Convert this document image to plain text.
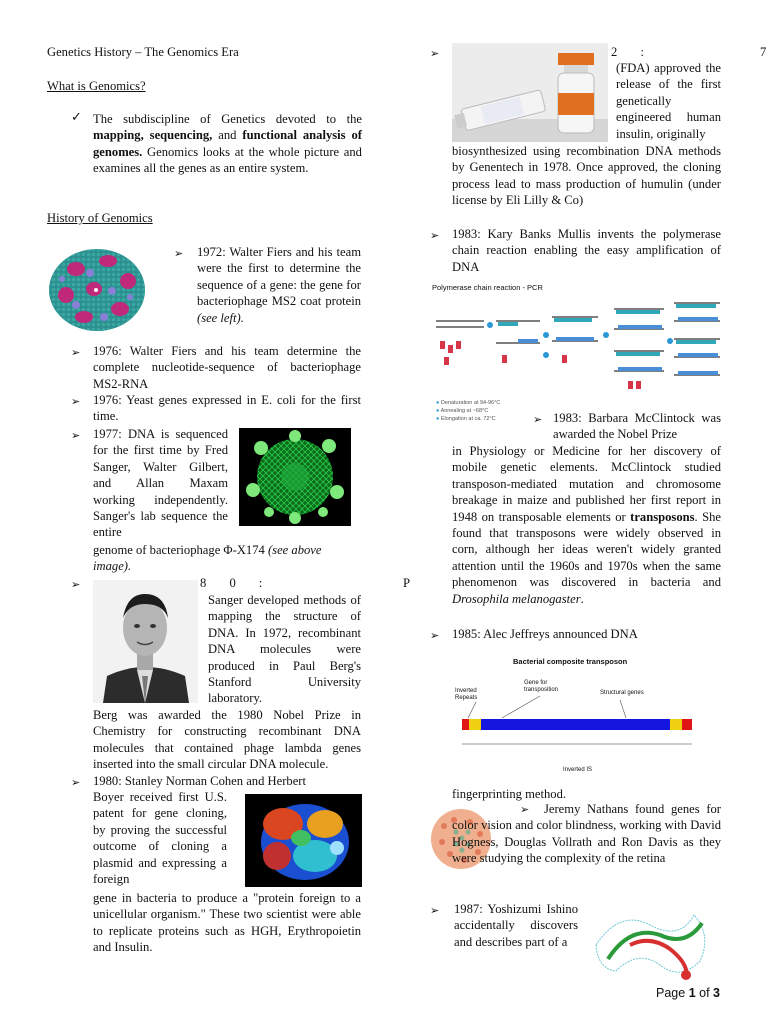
Genetics History – The Genomics Era
What is Genomics?
✓ The subdiscipline of Genetics devoted to the mapping, sequencing, and functional analysis of genomes. Genomics looks at the whole picture and examines all the genes as an entire system.
History of Genomics
➢ 1972: Walter Fiers and his team were the first to determine the sequence of a gene: the gene for bacteriophage MS2 coat protein (see left).
➢ 1976: Walter Fiers and his team determine the complete nucleotide-sequence of bacteriophage MS2-RNA
➢ 1976: Yeast genes expressed in E. coli for the first time.
➢ 1977: DNA is sequenced for the first time by Fred Sanger, Walter Gilbert, and Allan Maxam working independently. Sanger's lab sequence the entire
genome of bacteriophage Φ-X174 (see above image).
➢	8 0 :	P
Sanger developed methods of mapping the structure of DNA. In 1972, recombinant DNA molecules were produced in Paul Berg's Stanford University laboratory.
Berg was awarded the 1980 Nobel Prize in Chemistry for constructing recombinant DNA molecules that contained phage lambda genes inserted into the small circular DNA molecule.
➢ 1980: Stanley Norman Cohen and Herbert
Boyer received first U.S. patent for gene cloning, by proving the successful outcome of cloning a plasmid and expressing a foreign
gene in bacteria to produce a "protein foreign to a unicellular organism." These two scientist were able to replicate proteins such as HGH, Erythropoietin and Insulin.
➢	2 :	7
(FDA) approved the release of the first genetically engineered human insulin, originally
biosynthesized using recombination DNA methods by Genentech in 1978. Once approved, the cloning process lead to mass production of humulin (under license by Eli Lilly & Co)
➢ 1983: Kary Banks Mullis invents the polymerase chain reaction enabling the easy amplification of DNA
Polymerase chain reaction - PCR
● Denaturation at 94-96°C
● Annealing at ~68°C
● Elongation at ca. 72°C	➢ 1983: Barbara McClintock was awarded the Nobel Prize
in Physiology or Medicine for her discovery of mobile genetic elements. McClintock studied transposon-mediated mutation and chromosome breakage in maize and published her first report in 1948 on transposable elements or transposons. She found that transposons were widely observed in corn, although her ideas weren't widely granted attention until the 1960s and 1970s when the same phenomenon was discovered in bacteria and Drosophila melanogaster.
➢ 1985: Alec Jeffreys announced DNA
Bacterial composite transposon
Inverted Repeats
Gene for transposition	Structural genes
Inverted IS
fingerprinting method.
➢	Jeremy Nathans found genes for color vision and color blindness, working with David Hogness, Douglas Vollrath and Ron Davis as they were studying the complexity of the retina
➢ 1987: Yoshizumi Ishino accidentally discovers and describes part of a
Page 1 of 3
